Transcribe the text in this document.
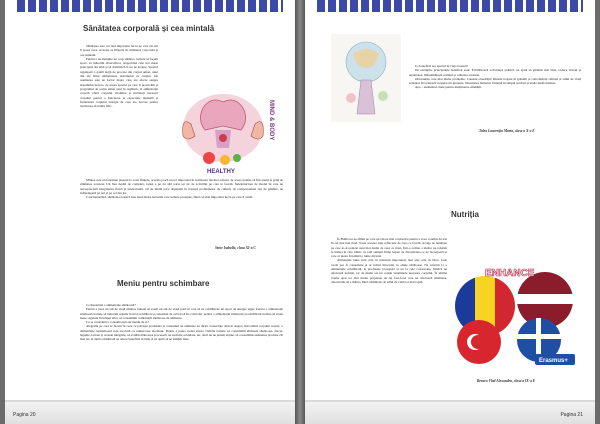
Sănătatea corporală și cea mintală

Sănătatea este cel mai important lucru pe care un om îl poate avea. Aceasta se împarte în sănătatea corporală și cea mintală.

Pentru a ne menține un corp sănătos, trebuie să facem sport, să mâncăm diversificat, respectând cele trei mese principale ale zilei și să dormim 8-9 ore pe noapte. Sportul regulează o gamă largă de procese din corpul uman, unul din ele fiind alimentarea sistemului cu oxigen. De asemenea este un factor major care are efecte asupra sistemului nervos, de aceea sportul pe care îl practicăm și programul de somn uman sunt în legătură. O alimentație corectă oferă corpului vitamine și nutrienți necesari corpului pentru a funcționa la capacitate maximă și furnizează corpului energia de care are nevoie pentru realizarea efortului fizic.	MIND & BODY
HEALTHY

Mintea este un fenomen prezent la toate ființele, aceasta joacă un rol important în realizarea fiecărei acțiuni, de aceea trebuie să fim atenți la grijă de sănătatea acesteia. Un bun destul de complex, totuși e pe de altă parte un șir de activități pe care le facem. Îndeletnicirea de model în care ne autoapreciem integritatea fizică și intelectuală, cât de multă pace depunem în tratarea problemelor de cultură, de comportament sau de gândire, ne influențează pe noi și pe cei din jur.

Concluzionând, sănătatea noastră este unul dintre lucrurile care trebuie protejate, fiind cel mai important lucru pe care îl avem.

Stroe Isabella, clasa XI-a C
Meniu pentru schimbare

Ce înseamnă o alimentație sănătoasă?

Pentru a avea un stil de viață sănătos trebuie să avem un stil de viață potrivit care să ne echilibreze un aport de energie sigur. Pentru o alimentație sănătoasă trebuie să mâncăm regulat în mod echilibrat și consumul de calorii să fie controlat, pentru o alimentație sănătoasă și echilibrată trebuie să avem mese regulate în timpul zilei, să consumăm combinații sănătoase de alimente.

Ce se consideră a consuma într-un meniu de zi?

Alegerile pe care le facem în ceea ce privește produsele și consumul de alimente au dirija consecințe directe asupra dezvoltării corpului nostru; o alimentație nesănătoasă este asociată cu numeroase afecțiuni. Pentru a putea vedea efecte vizibile trebuie să consumăm alimente sănătoase, fructe, legume, lactate și cereale integrale, să evităm mâncarea procesată, ne sucurile acidulate, iar, dacă nu ne putem abține, să consumăm asemenea produse cât mai rar. O dietă echilibrată ne aduce beneficii în timp și ne ajută să ne simțim bine.

Pagina 20

Ce beneficii are sportul în viața noastră?

De exemplu, principalele beneficii sunt: Echilibrează activitatea psihică, ne ajută să gândim mai bine, reduce stresul și anxietatea, îmbunătățește somnul și calitatea acestuia.

Obiceiurile care mai multe probleme. Cauzele obezității: Dietele bogate în grăsimi și carbohidrați rafinați și stilul de viață sedentar favorizează creșterea în greutate. Obezitatea maternă, fumatul în timpul sarcinii și unele medicamente.

Apa – elementul cheie pentru menținerea sănătății.

Tolea Laurențiu Maria, clasa a X-a E
Nutriția

În Brăila nu ne aflăm pe care un om ne mai contrazice pentru a avea condiții de trai în cel mai bun mod. Toate acestea sunt reflectate de ceea ce facem. Actele de bunătate pe care le-ai realizat sunt mai multe de ceea ce crezi. Într-o ordine a ideilor ne referim la lumea în care trăim: cu toții suntem ființe legate de diversitatea ce ne înconjoară și care ar putea fi numită o lume diversă.

Alimentele bune sunt cele cu nutrienți importanți, mai ales cele cu fibre. Cele vechi pot fi consumate și ar trebui înlocuite cu altele sănătoase. Ne referim la o alimentație echilibrată, la produsele proaspete și nu la cele conservate, fiindcă ne afectează nutriția, iar de multe ori nu conțin vitaminele necesare corpului. În ultima vreme apar tot mai multe preparate de tip fast-food care ne afectează sănătatea, obiceiurile de a mânca fiind schimbate de stilul de viață tot mai rapid.

ENHANCE
Erasmus+
Beraru Vlad Alexandru, clasa a IX-a E
Pagina 21
